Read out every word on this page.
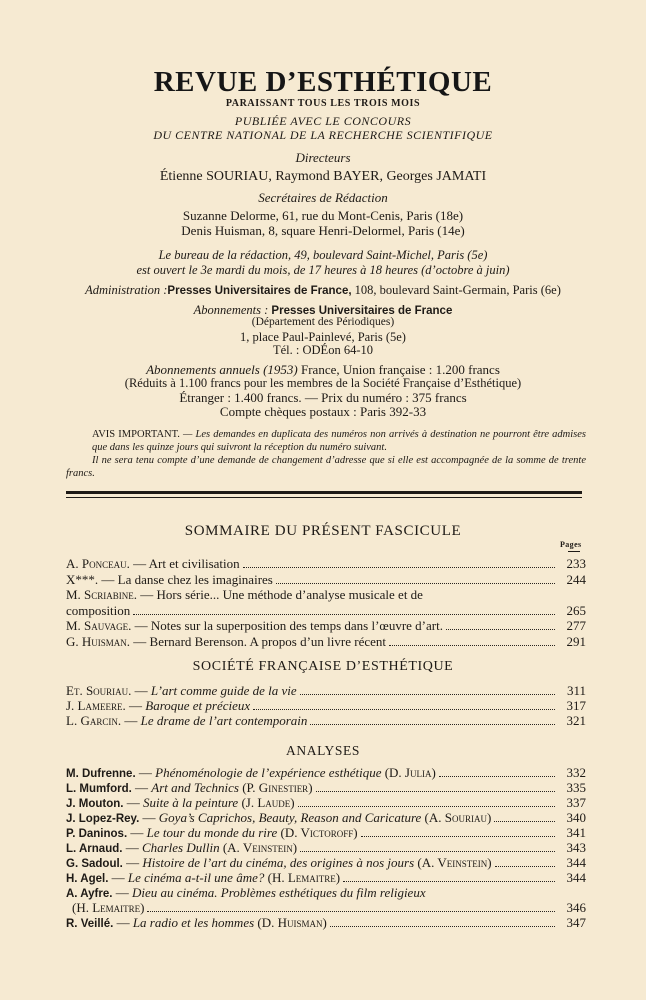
REVUE D’ESTHÉTIQUE
PARAISSANT TOUS LES TROIS MOIS
PUBLIÉE AVEC LE CONCOURS
DU CENTRE NATIONAL DE LA RECHERCHE SCIENTIFIQUE
Directeurs
Étienne SOURIAU, Raymond BAYER, Georges JAMATI
Secrétaires de Rédaction
Suzanne Delorme, 61, rue du Mont-Cenis, Paris (18e)
Denis Huisman, 8, square Henri-Delormel, Paris (14e)
Le bureau de la rédaction, 49, boulevard Saint-Michel, Paris (5e)
est ouvert le 3e mardi du mois, de 17 heures à 18 heures (d’octobre à juin)
Administration :Presses Universitaires de France, 108, boulevard Saint-Germain, Paris (6e)
Abonnements : Presses Universitaires de France
(Département des Périodiques)
1, place Paul-Painlevé, Paris (5e)
Tél. : ODÉon 64-10
Abonnements annuels (1953) France, Union française : 1.200 francs
(Réduits à 1.100 francs pour les membres de la Société Française d’Esthétique)
Étranger : 1.400 francs. — Prix du numéro : 375 francs
Compte chèques postaux : Paris 392-33
AVIS IMPORTANT. — Les demandes en duplicata des numéros non arrivés à destination ne pourront être admises que dans les quinze jours qui suivront la réception du numéro suivant.
Il ne sera tenu compte d’une demande de changement d’adresse que si elle est accompagnée de la somme de trente francs.
SOMMAIRE DU PRÉSENT FASCICULE
Pages
A. Ponceau. — Art et civilisation	233
X***. — La danse chez les imaginaires	244
M. Scriabine. — Hors série... Une méthode d’analyse musicale et de
composition	265
M. Sauvage. — Notes sur la superposition des temps dans l’œuvre d’art.	277
G. Huisman. — Bernard Berenson. A propos d’un livre récent	291
SOCIÉTÉ FRANÇAISE D’ESTHÉTIQUE
Et. Souriau. — L’art comme guide de la vie	311
J. Lameere. — Baroque et précieux	317
L. Garcin. — Le drame de l’art contemporain	321
ANALYSES
M. Dufrenne. — Phénoménologie de l’expérience esthétique (D. Julia)	332
L. Mumford. — Art and Technics (P. Ginestier)	335
J. Mouton. — Suite à la peinture (J. Laude)	337
J. Lopez-Rey. — Goya’s Caprichos, Beauty, Reason and Caricature (A. Souriau)	340
P. Daninos. — Le tour du monde du rire (D. Victoroff)	341
L. Arnaud. — Charles Dullin (A. Veinstein)	343
G. Sadoul. — Histoire de l’art du cinéma, des origines à nos jours (A. Veinstein)	344
H. Agel. — Le cinéma a-t-il une âme? (H. Lemaitre)	344
A. Ayfre. — Dieu au cinéma. Problèmes esthétiques du film religieux
(H. Lemaitre)	346
R. Veillé. — La radio et les hommes (D. Huisman)	347
